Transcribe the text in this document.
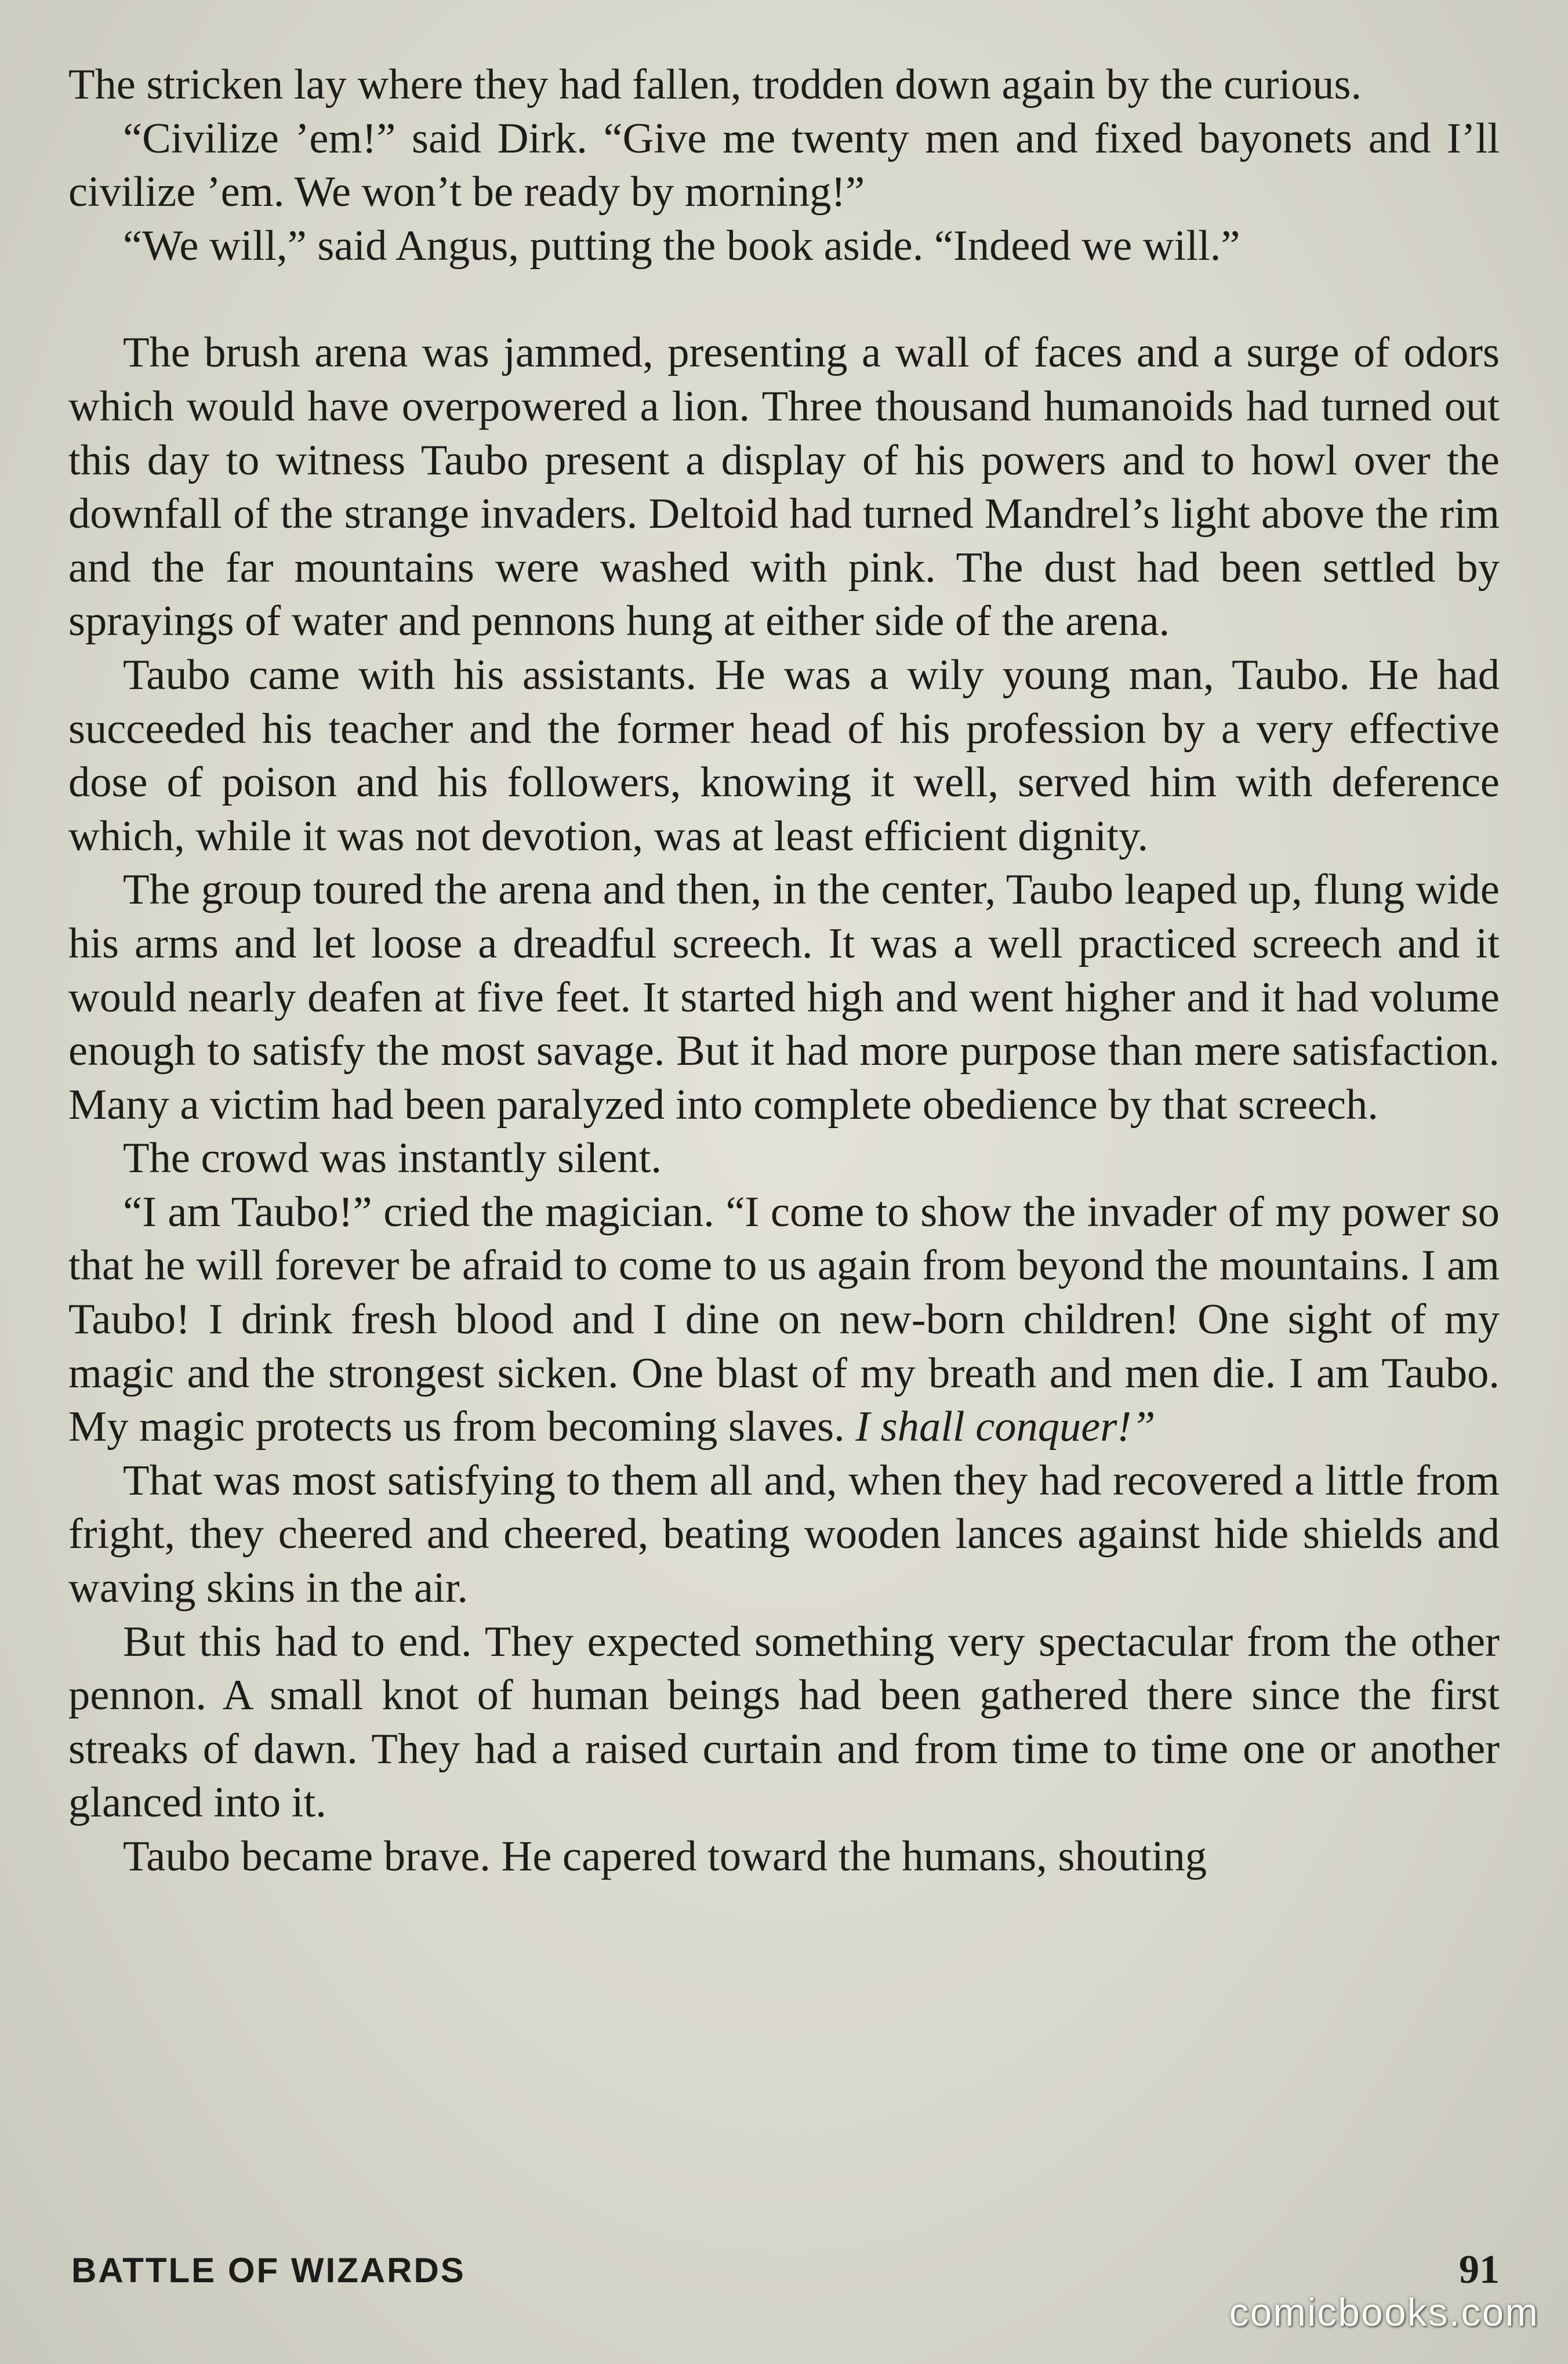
The stricken lay where they had fallen, trodden down again by the curious.

“Civilize ’em!” said Dirk. “Give me twenty men and fixed bayonets and I’ll civilize ’em. We won’t be ready by morning!”

“We will,” said Angus, putting the book aside. “Indeed we will.”

The brush arena was jammed, presenting a wall of faces and a surge of odors which would have overpowered a lion. Three thousand humanoids had turned out this day to witness Taubo present a display of his powers and to howl over the downfall of the strange invaders. Deltoid had turned Mandrel’s light above the rim and the far mountains were washed with pink. The dust had been settled by sprayings of water and pennons hung at either side of the arena.

Taubo came with his assistants. He was a wily young man, Taubo. He had succeeded his teacher and the former head of his profession by a very effective dose of poison and his followers, knowing it well, served him with deference which, while it was not devotion, was at least efficient dignity.

The group toured the arena and then, in the center, Taubo leaped up, flung wide his arms and let loose a dreadful screech. It was a well practiced screech and it would nearly deafen at five feet. It started high and went higher and it had volume enough to satisfy the most savage. But it had more purpose than mere satisfaction. Many a victim had been paralyzed into complete obedience by that screech.

The crowd was instantly silent.

“I am Taubo!” cried the magician. “I come to show the invader of my power so that he will forever be afraid to come to us again from beyond the mountains. I am Taubo! I drink fresh blood and I dine on new-born children! One sight of my magic and the strongest sicken. One blast of my breath and men die. I am Taubo. My magic protects us from becoming slaves. I shall conquer!”

That was most satisfying to them all and, when they had recovered a little from fright, they cheered and cheered, beating wooden lances against hide shields and waving skins in the air.

But this had to end. They expected something very spectacular from the other pennon. A small knot of human beings had been gathered there since the first streaks of dawn. They had a raised curtain and from time to time one or another glanced into it.

Taubo became brave. He capered toward the humans, shouting

BATTLE OF WIZARDS	91
comicbooks.com
